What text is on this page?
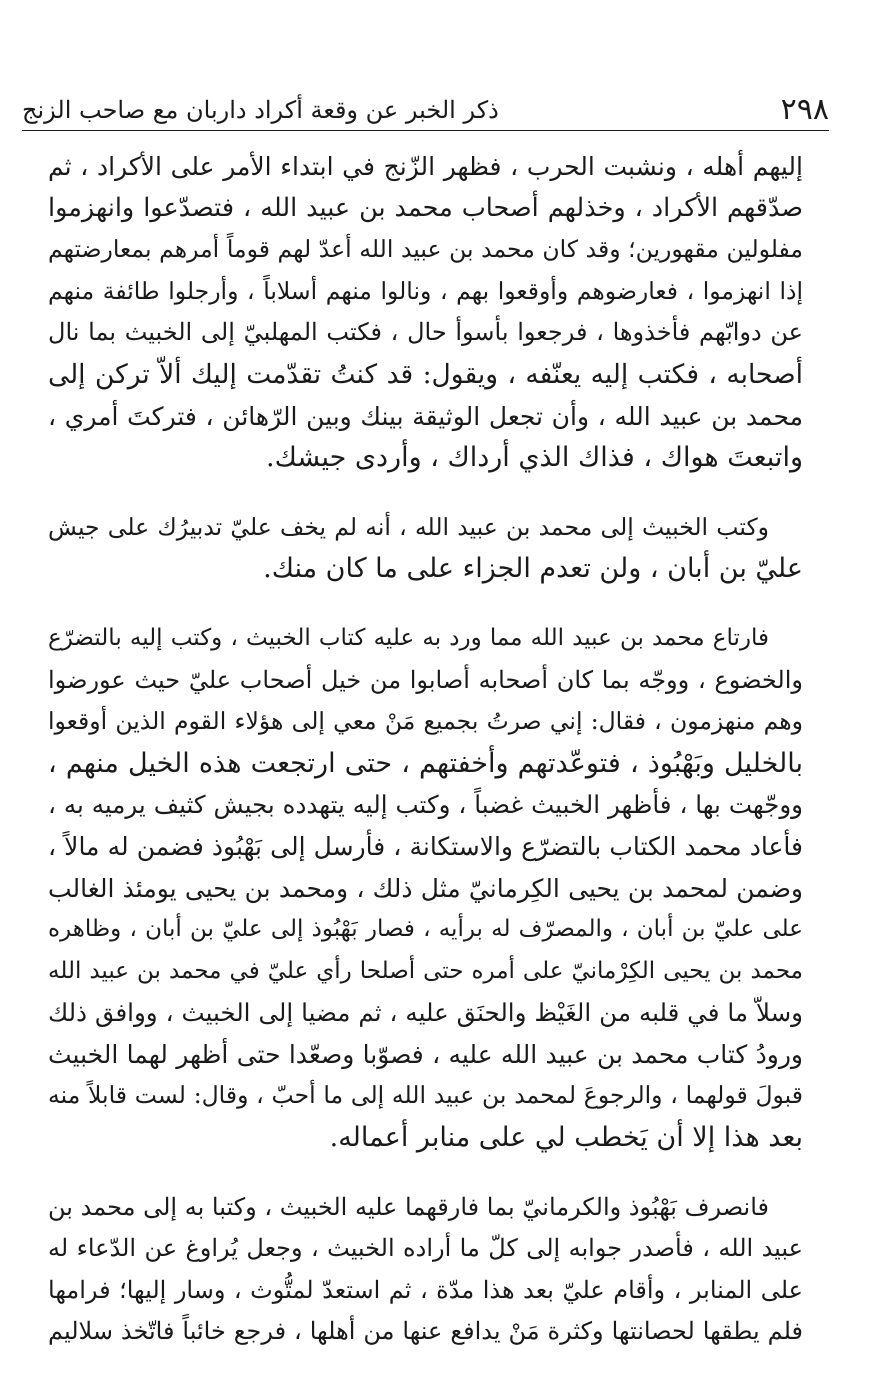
٢٩٨
ذكر الخبر عن وقعة أكراد داربان مع صاحب الزنج

إليهم أهله ، ونشبت الحرب ، فظهر الزّنج في ابتداء الأمر على الأكراد ، ثم
صدّقهم الأكراد ، وخذلهم أصحاب محمد بن عبيد الله ، فتصدّعوا وانهزموا
مفلولين مقهورين؛ وقد كان محمد بن عبيد الله أعدّ لهم قوماً أمرهم بمعارضتهم
إذا انهزموا ، فعارضوهم وأوقعوا بهم ، ونالوا منهم أسلاباً ، وأرجلوا طائفة منهم
عن دوابّهم فأخذوها ، فرجعوا بأسوأ حال ، فكتب المهلبيّ إلى الخبيث بما نال
أصحابه ، فكتب إليه يعنّفه ، ويقول: قد كنتُ تقدّمت إليك ألاّ تركن إلى
محمد بن عبيد الله ، وأن تجعل الوثيقة بينك وبين الرّهائن ، فتركتَ أمري ،
واتبعتَ هواك ، فذاك الذي أرداك ، وأردى جيشك.

وكتب الخبيث إلى محمد بن عبيد الله ، أنه لم يخف عليّ تدبيرُك على جيش
عليّ بن أبان ، ولن تعدم الجزاء على ما كان منك.

فارتاع محمد بن عبيد الله مما ورد به عليه كتاب الخبيث ، وكتب إليه بالتضرّع
والخضوع ، ووجّه بما كان أصحابه أصابوا من خيل أصحاب عليّ حيث عورضوا
وهم منهزمون ، فقال: إني صرتُ بجميع مَنْ معي إلى هؤلاء القوم الذين أوقعوا
بالخليل وبَهْبُوذ ، فتوعّدتهم وأخفتهم ، حتى ارتجعت هذه الخيل منهم ،
ووجّهت بها ، فأظهر الخبيث غضباً ، وكتب إليه يتهدده بجيش كثيف يرميه به ،
فأعاد محمد الكتاب بالتضرّع والاستكانة ، فأرسل إلى بَهْبُوذ فضمن له مالاً ،
وضمن لمحمد بن يحيى الكِرمانيّ مثل ذلك ، ومحمد بن يحيى يومئذ الغالب
على عليّ بن أبان ، والمصرّف له برأيه ، فصار بَهْبُوذ إلى عليّ بن أبان ، وظاهره
محمد بن يحيى الكِرْمانيّ على أمره حتى أصلحا رأي عليّ في محمد بن عبيد الله
وسلاّ ما في قلبه من الغَيْظ والحنَق عليه ، ثم مضيا إلى الخبيث ، ووافق ذلك
ورودُ كتاب محمد بن عبيد الله عليه ، فصوّبا وصعّدا حتى أظهر لهما الخبيث
قبولَ قولهما ، والرجوعَ لمحمد بن عبيد الله إلى ما أحبّ ، وقال: لست قابلاً منه
بعد هذا إلا أن يَخطب لي على منابر أعماله.

فانصرف بَهْبُوذ والكرمانيّ بما فارقهما عليه الخبيث ، وكتبا به إلى محمد بن
عبيد الله ، فأصدر جوابه إلى كلّ ما أراده الخبيث ، وجعل يُراوغ عن الدّعاء له
على المنابر ، وأقام عليّ بعد هذا مدّة ، ثم استعدّ لمتُّوث ، وسار إليها؛ فرامها
فلم يطقها لحصانتها وكثرة مَنْ يدافع عنها من أهلها ، فرجع خائباً فاتّخذ سلاليم
